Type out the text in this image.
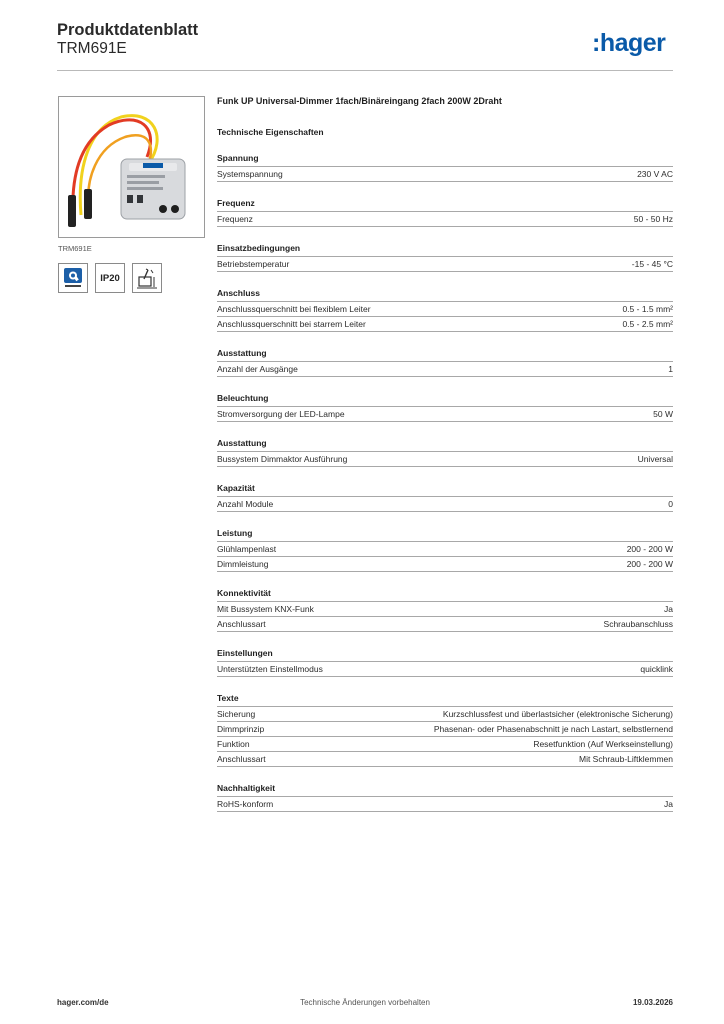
Produktdatenblatt
TRM691E	:hager
TRM691E
IP20
Funk UP Universal-Dimmer 1fach/Binäreingang 2fach 200W 2Draht
Technische Eigenschaften
Spannung
Systemspannung	230 V AC
Frequenz
Frequenz	50 - 50 Hz
Einsatzbedingungen
Betriebstemperatur	-15 - 45 °C
Anschluss
Anschlussquerschnitt bei flexiblem Leiter	0.5 - 1.5 mm²
Anschlussquerschnitt bei starrem Leiter	0.5 - 2.5 mm²
Ausstattung
Anzahl der Ausgänge	1
Beleuchtung
Stromversorgung der LED-Lampe	50 W
Ausstattung
Bussystem Dimmaktor Ausführung	Universal
Kapazität
Anzahl Module	0
Leistung
Glühlampenlast	200 - 200 W
Dimmleistung	200 - 200 W
Konnektivität
Mit Bussystem KNX-Funk	Ja
Anschlussart	Schraubanschluss
Einstellungen
Unterstützten Einstellmodus	quicklink
Texte
Sicherung	Kurzschlussfest und überlastsicher (elektronische Sicherung)
Dimmprinzip	Phasenan- oder Phasenabschnitt je nach Lastart, selbstlernend
Funktion	Resetfunktion (Auf Werkseinstellung)
Anschlussart	Mit Schraub-Liftklemmen
Nachhaltigkeit
RoHS-konform	Ja
Technische Änderungen vorbehalten
hager.com/de	19.03.2026
